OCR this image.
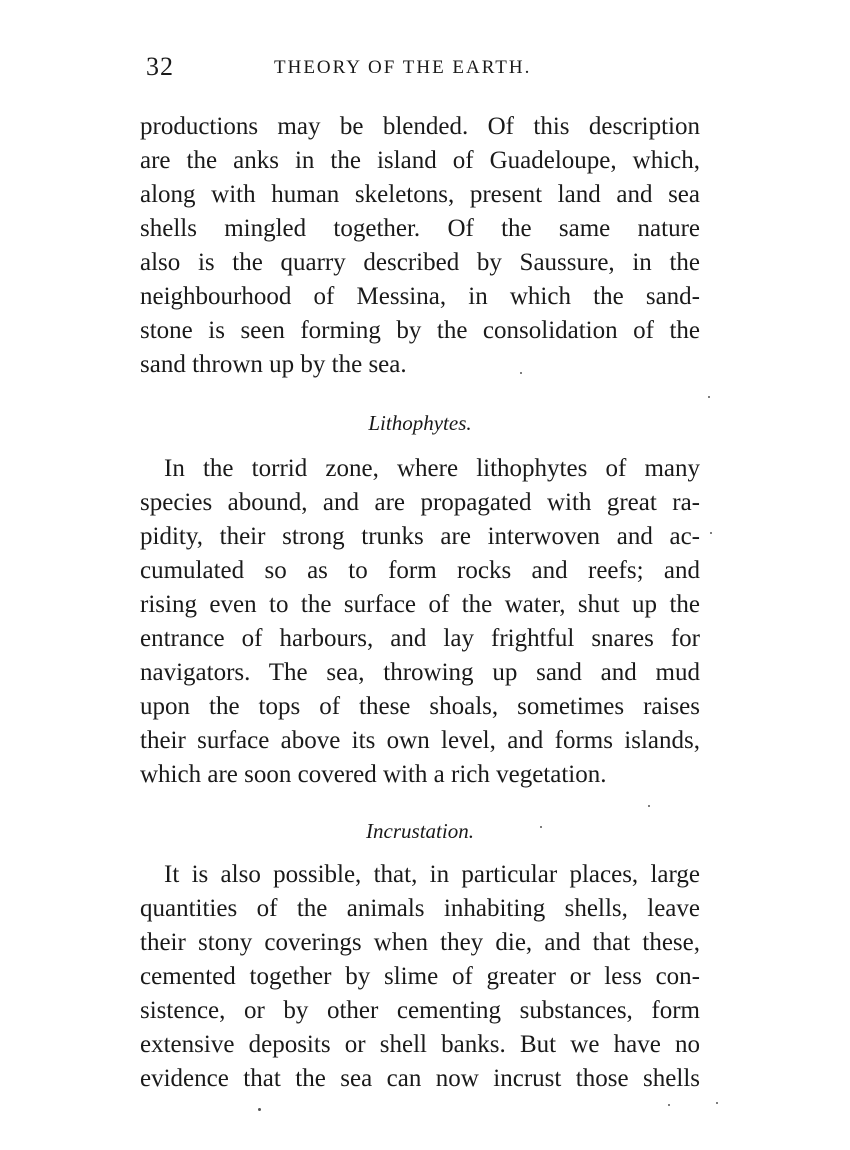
32	THEORY OF THE EARTH.
productions may be blended. Of this description
are the anks in the island of Guadeloupe, which,
along with human skeletons, present land and sea
shells mingled together. Of the same nature
also is the quarry described by Saussure, in the
neighbourhood of Messina, in which the sand-
stone is seen forming by the consolidation of the
sand thrown up by the sea.
Lithophytes.
In the torrid zone, where lithophytes of many
species abound, and are propagated with great ra-
pidity, their strong trunks are interwoven and ac-
cumulated so as to form rocks and reefs; and
rising even to the surface of the water, shut up the
entrance of harbours, and lay frightful snares for
navigators. The sea, throwing up sand and mud
upon the tops of these shoals, sometimes raises
their surface above its own level, and forms islands,
which are soon covered with a rich vegetation.
Incrustation.
It is also possible, that, in particular places, large
quantities of the animals inhabiting shells, leave
their stony coverings when they die, and that these,
cemented together by slime of greater or less con-
sistence, or by other cementing substances, form
extensive deposits or shell banks. But we have no
evidence that the sea can now incrust those shells
